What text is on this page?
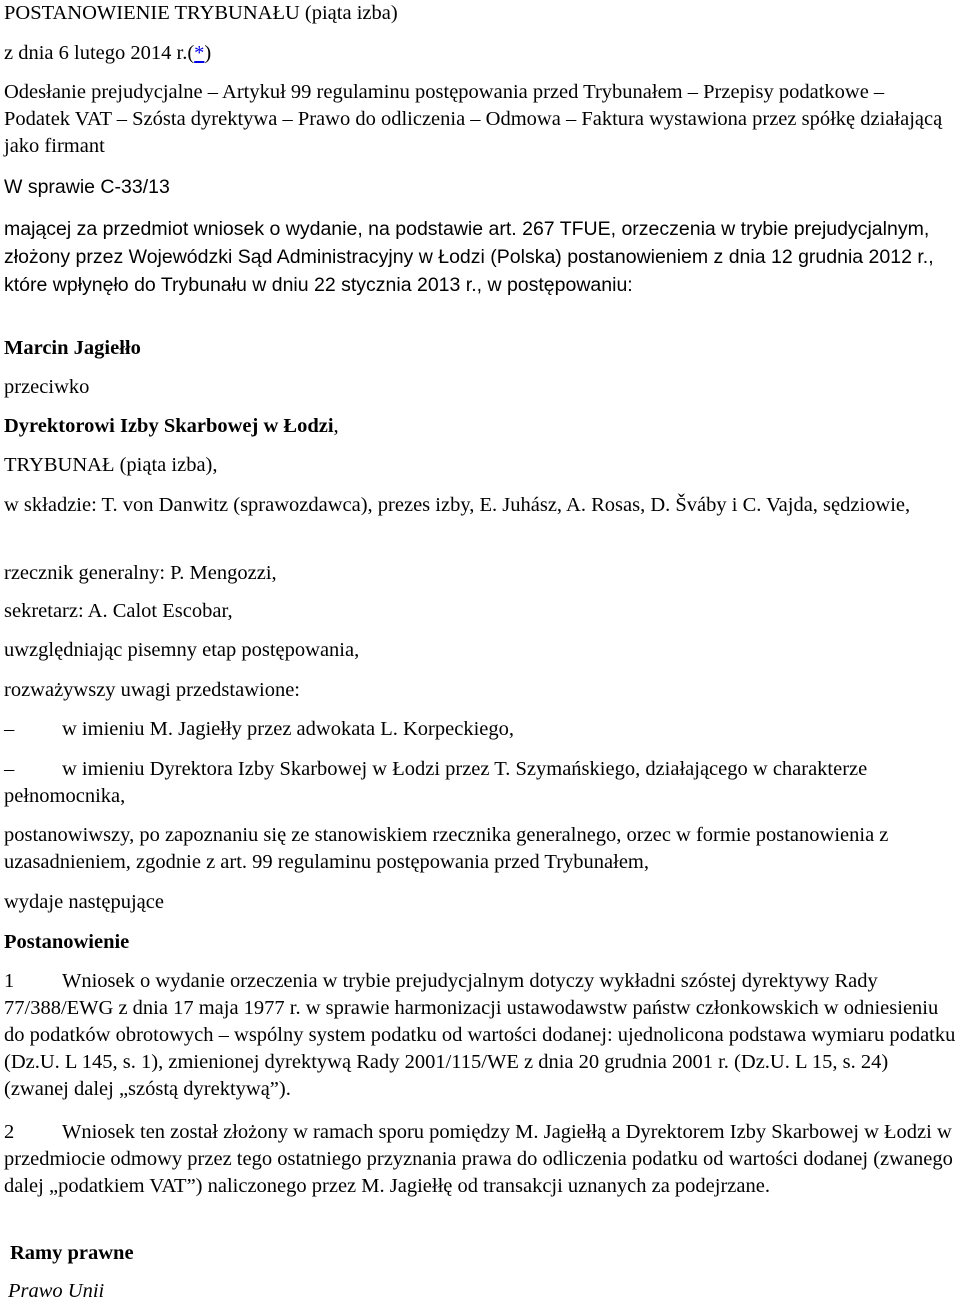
POSTANOWIENIE TRYBUNAŁU (piąta izba)

z dnia 6 lutego 2014 r.(*)

Odesłanie prejudycjalne – Artykuł 99 regulaminu postępowania przed Trybunałem – Przepisy podatkowe – Podatek VAT – Szósta dyrektywa – Prawo do odliczenia – Odmowa – Faktura wystawiona przez spółkę działającą jako firmant

W sprawie C-33/13

mającej za przedmiot wniosek o wydanie, na podstawie art. 267 TFUE, orzeczenia w trybie prejudycjalnym, złożony przez Wojewódzki Sąd Administracyjny w Łodzi (Polska) postanowieniem z dnia 12 grudnia 2012 r., które wpłynęło do Trybunału w dniu 22 stycznia 2013 r., w postępowaniu:

Marcin Jagiełło

przeciwko

Dyrektorowi Izby Skarbowej w Łodzi,

TRYBUNAŁ (piąta izba),

w składzie: T. von Danwitz (sprawozdawca), prezes izby, E. Juhász, A. Rosas, D. Šváby i C. Vajda, sędziowie,

rzecznik generalny: P. Mengozzi,

sekretarz: A. Calot Escobar,

uwzględniając pisemny etap postępowania,

rozważywszy uwagi przedstawione:

– w imieniu M. Jagiełły przez adwokata L. Korpeckiego,

– w imieniu Dyrektora Izby Skarbowej w Łodzi przez T. Szymańskiego, działającego w charakterze pełnomocnika,

postanowiwszy, po zapoznaniu się ze stanowiskiem rzecznika generalnego, orzec w formie postanowienia z uzasadnieniem, zgodnie z art. 99 regulaminu postępowania przed Trybunałem,

wydaje następujące

Postanowienie

1 Wniosek o wydanie orzeczenia w trybie prejudycjalnym dotyczy wykładni szóstej dyrektywy Rady 77/388/EWG z dnia 17 maja 1977 r. w sprawie harmonizacji ustawodawstw państw członkowskich w odniesieniu do podatków obrotowych – wspólny system podatku od wartości dodanej: ujednolicona podstawa wymiaru podatku (Dz.U. L 145, s. 1), zmienionej dyrektywą Rady 2001/115/WE z dnia 20 grudnia 2001 r. (Dz.U. L 15, s. 24) (zwanej dalej „szóstą dyrektywą”).

2 Wniosek ten został złożony w ramach sporu pomiędzy M. Jagiełłą a Dyrektorem Izby Skarbowej w Łodzi w przedmiocie odmowy przez tego ostatniego przyznania prawa do odliczenia podatku od wartości dodanej (zwanego dalej „podatkiem VAT”) naliczonego przez M. Jagiełłę od transakcji uznanych za podejrzane.

Ramy prawne

Prawo Unii
